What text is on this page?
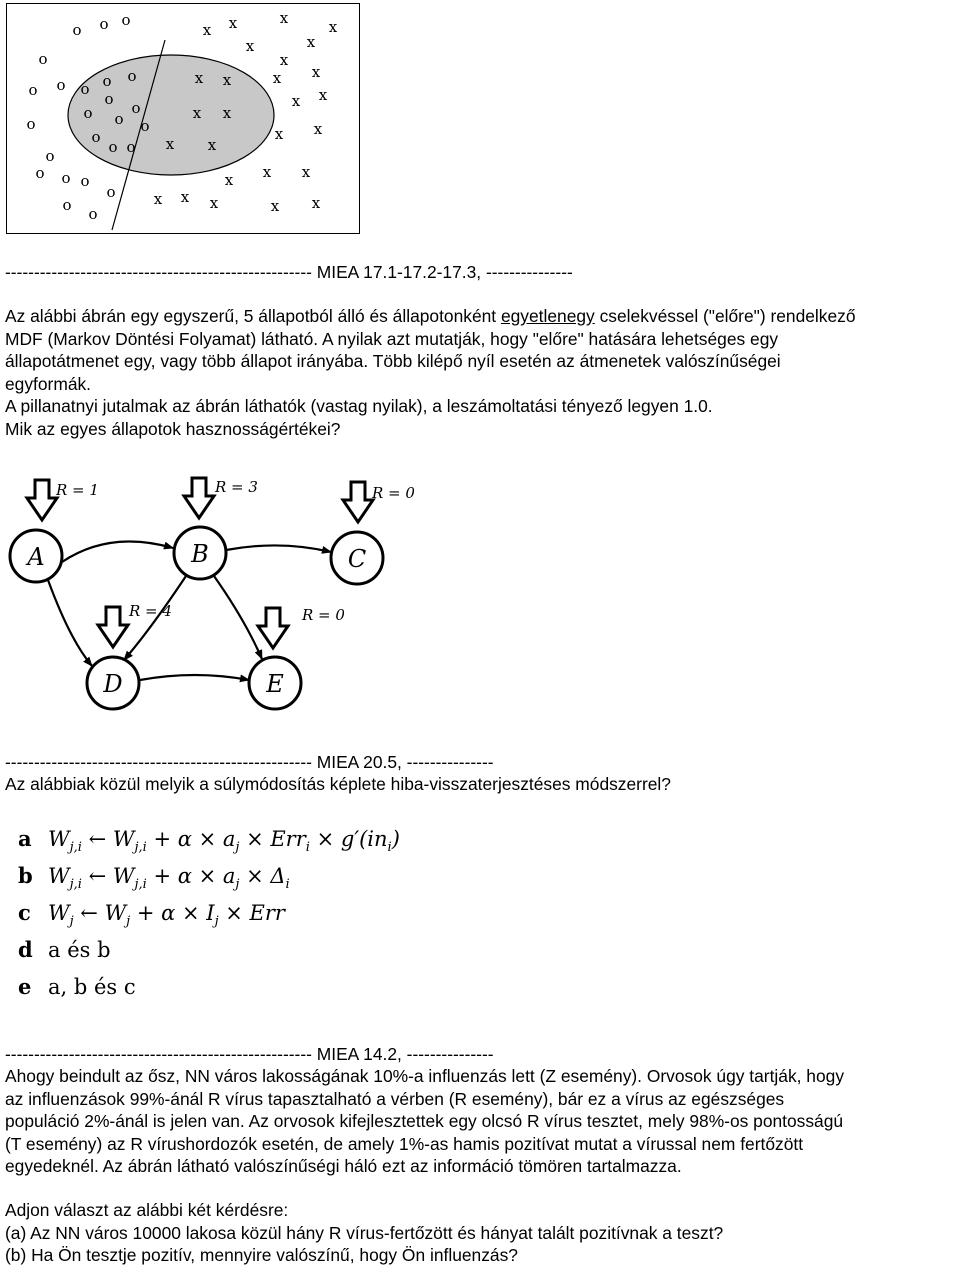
o o
o
o
o o
o
o o o
o
o	o
o
o
o o
o
o
o o o
o
o o
x x	x	x
x	x
x
x x	x x
x
x
x x
x x
x x
x x x
x x x	x x
----------------------------------------------------- MIEA 17.1-17.2-17.3, ---------------
Az alábbi ábrán egy egyszerű, 5 állapotból álló és állapotonként egyetlenegy cselekvéssel ("előre") rendelkező
MDF (Markov Döntési Folyamat) látható. A nyilak azt mutatják, hogy "előre" hatására lehetséges egy
állapotátmenet egy, vagy több állapot irányába. Több kilépő nyíl esetén az átmenetek valószínűségei
egyformák.
A pillanatnyi jutalmak az ábrán láthatók (vastag nyilak), a leszámoltatási tényező legyen 1.0.
Mik az egyes állapotok hasznosságértékei?
R = 1	R = 3	R = 0
R = 4	R = 0
A	B	C
D	E
----------------------------------------------------- MIEA 20.5, ---------------
Az alábbiak közül melyik a súlymódosítás képlete hiba-visszaterjesztéses módszerrel?
a $W_{j,i}$ ← $W_{j,i} + \alpha \times a_j \times Err_i \times g'(in_i)$
b $W_{j,i}$ ← $W_{j,i} + \alpha \times a_j \times \Delta_i$
c $W_j$ ← $W_j + \alpha \times I_j$ × Err
d a és b
e a, b és c
----------------------------------------------------- MIEA 14.2, ---------------
Ahogy beindult az ősz, NN város lakosságának 10%-a influenzás lett (Z esemény). Orvosok úgy tartják, hogy
az influenzások 99%-ánál R vírus tapasztalható a vérben (R esemény), bár ez a vírus az egészséges
populáció 2%-ánál is jelen van. Az orvosok kifejlesztettek egy olcsó R vírus tesztet, mely 98%-os pontosságú
(T esemény) az R vírushordozók esetén, de amely 1%-as hamis pozitívat mutat a vírussal nem fertőzött
egyedeknél. Az ábrán látható valószínűségi háló ezt az információ tömören tartalmazza.
Adjon választ az alábbi két kérdésre:
(a) Az NN város 10000 lakosa közül hány R vírus-fertőzött és hányat talált pozitívnak a teszt?
(b) Ha Ön tesztje pozitív, mennyire valószínű, hogy Ön influenzás?
